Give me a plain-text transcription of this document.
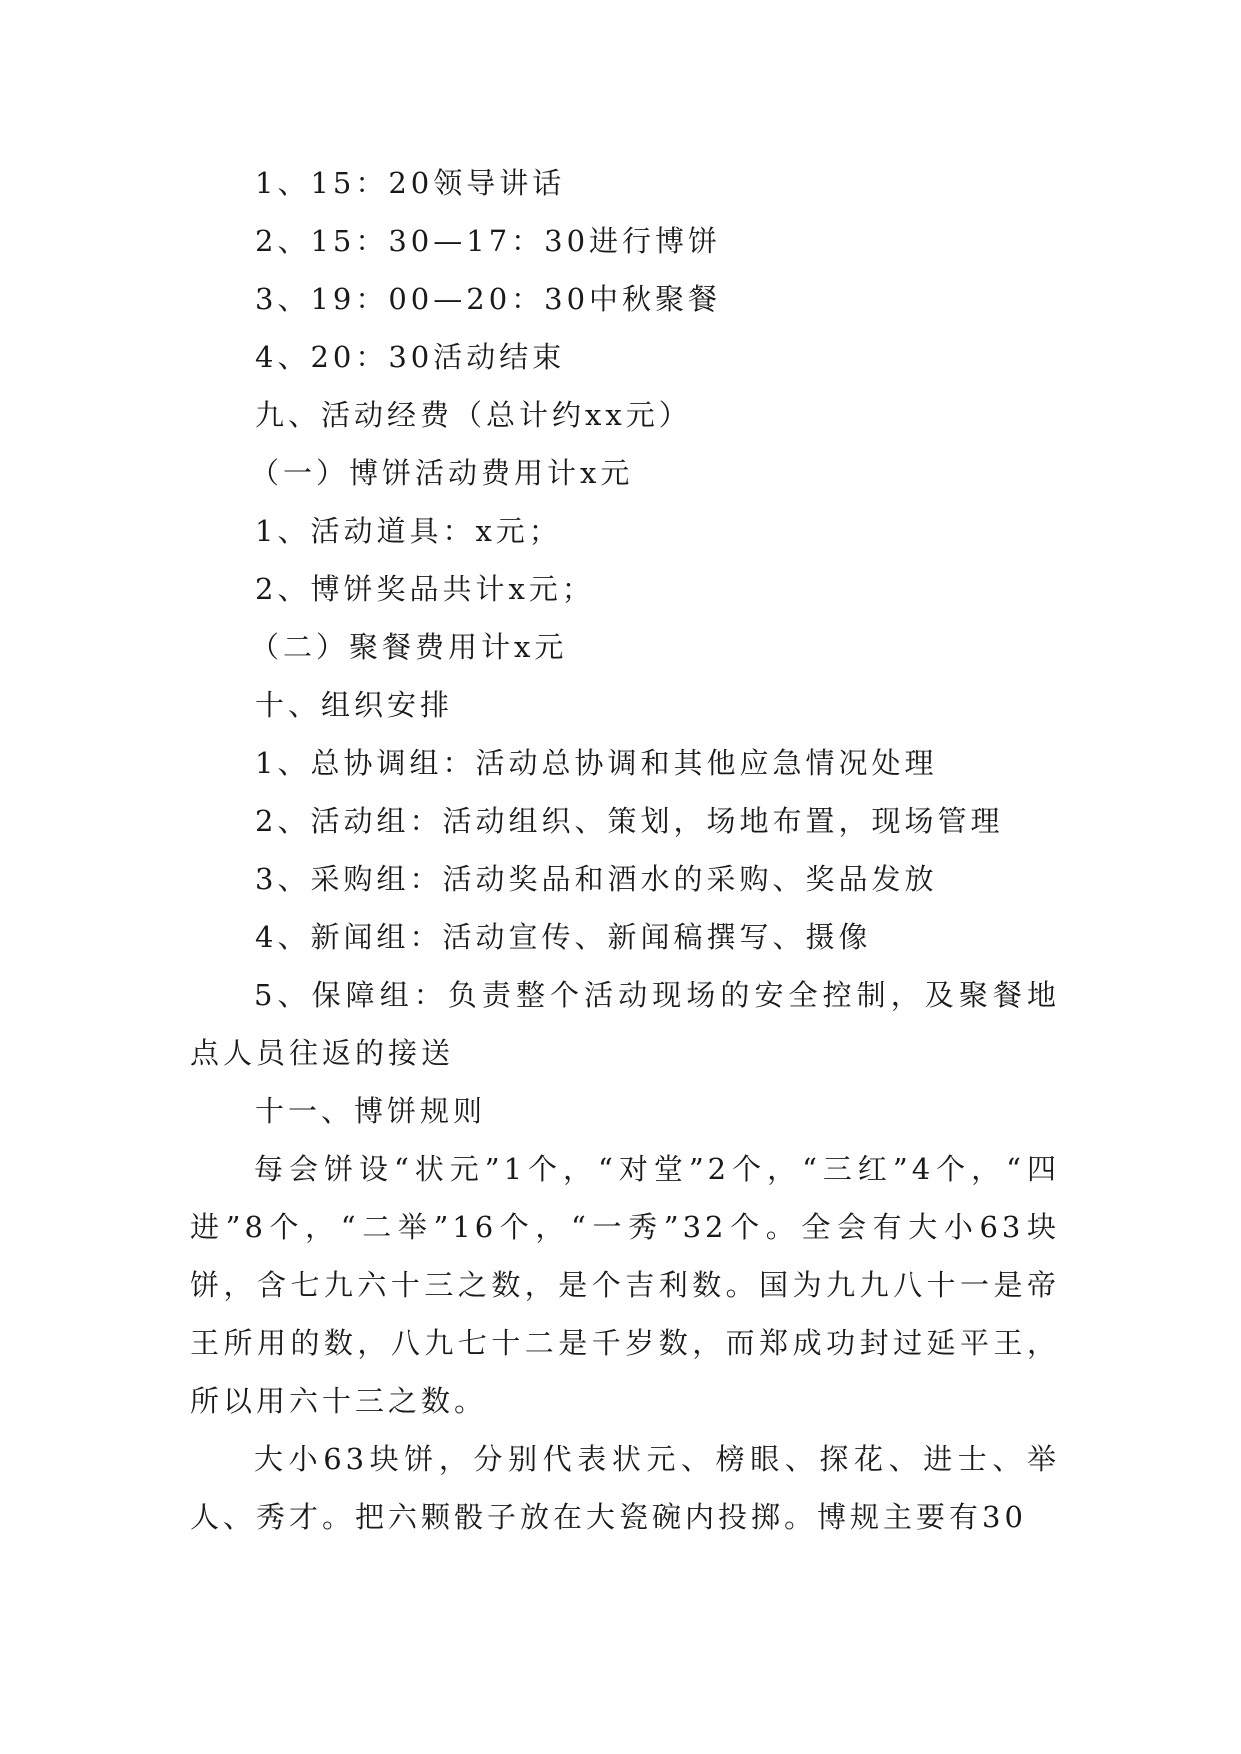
1、15：20领导讲话
2、15：30—17：30进行博饼
3、19：00—20：30中秋聚餐
4、20：30活动结束
九、活动经费（总计约xx元）
（一）博饼活动费用计x元
1、活动道具：x元；
2、博饼奖品共计x元；
（二）聚餐费用计x元
十、组织安排
1、总协调组：活动总协调和其他应急情况处理
2、活动组：活动组织、策划，场地布置，现场管理
3、采购组：活动奖品和酒水的采购、奖品发放
4、新闻组：活动宣传、新闻稿撰写、摄像

5、保障组：负责整个活动现场的安全控制，及聚餐地点人员往返的接送

十一、博饼规则

每会饼设“状元”1个，“对堂”2个，“三红”4个，“四进”8个，“二举”16个，“一秀”32个。全会有大小63块饼，含七九六十三之数，是个吉利数。国为九九八十一是帝王所用的数，八九七十二是千岁数，而郑成功封过延平王，所以用六十三之数。

大小63块饼，分别代表状元、榜眼、探花、进士、举人、秀才。把六颗骰子放在大瓷碗内投掷。博规主要有30
